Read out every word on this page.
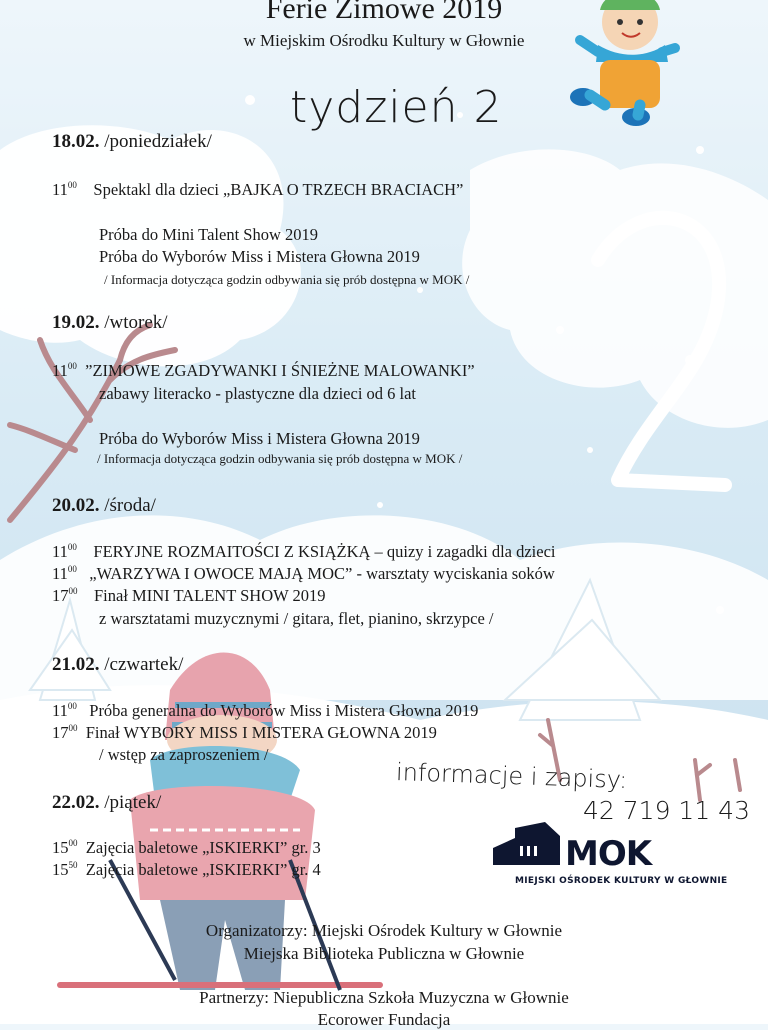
Ferie Zimowe 2019
w Miejskim Ośrodku Kultury w Głownie
tydzień 2
18.02. /poniedziałek/
$11^{00}$ Spektakl dla dzieci „BAJKA O TRZECH BRACIACH”
Próba do Mini Talent Show 2019
Próba do Wyborów Miss i Mistera Głowna 2019
/ Informacja dotycząca godzin odbywania się prób dostępna w MOK /
19.02. /wtorek/
$11^{00}$ ”ZIMOWE ZGADYWANKI I ŚNIEŻNE MALOWANKI”
zabawy literacko - plastyczne dla dzieci od 6 lat
Próba do Wyborów Miss i Mistera Głowna 2019
/ Informacja dotycząca godzin odbywania się prób dostępna w MOK /
20.02. /środa/
$11^{00}$ FERYJNE ROZMAITOŚCI Z KSIĄŻKĄ – quizy i zagadki dla dzieci
$11^{00}$ „WARZYWA I OWOCE MAJĄ MOC” - warsztaty wyciskania soków
$17^{00}$ Finał MINI TALENT SHOW 2019
z warsztatami muzycznymi / gitara, flet, pianino, skrzypce /
21.02. /czwartek/
$11^{00}$ Próba generalna do Wyborów Miss i Mistera Głowna 2019
$17^{00}$ Finał WYBORY MISS I MISTERA GŁOWNA 2019
/ wstęp za zaproszeniem /
22.02. /piątek/
$15^{00}$ Zajęcia baletowe „ISKIERKI” gr. 3
$15^{50}$ Zajęcia baletowe „ISKIERKI” gr. 4
informacje i zapisy:
42 719 11 43
MOK
MIEJSKI OŚRODEK KULTURY W GŁOWNIE
Organizatorzy: Miejski Ośrodek Kultury w Głownie
Miejska Biblioteka Publiczna w Głownie
Partnerzy: Niepubliczna Szkoła Muzyczna w Głownie
Ecorower Fundacja
